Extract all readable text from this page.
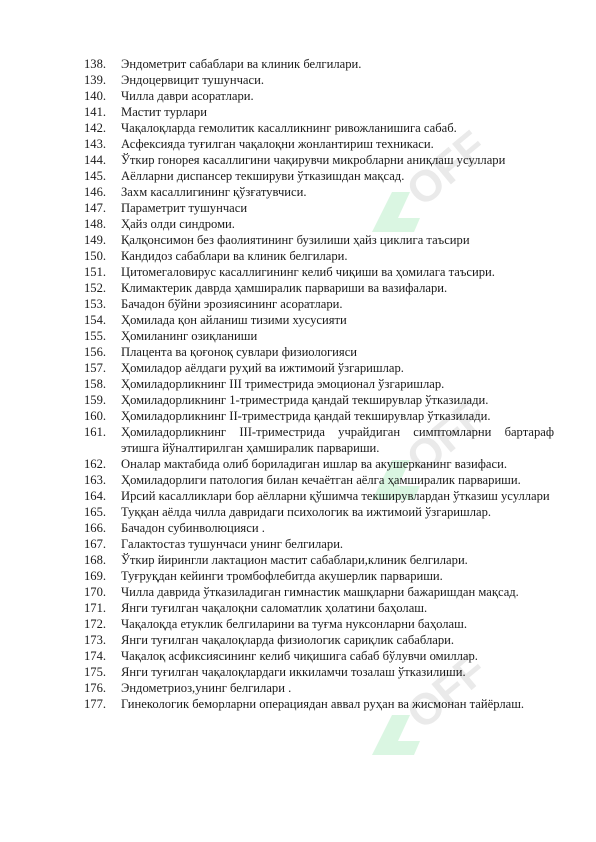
OFF
OFF
OFF
138.	Эндометрит сабаблари ва клиник белгилари.
139.	Эндоцервицит тушунчаси.
140.	Чилла даври асоратлари.
141.	Мастит турлари
142.	Чақалоқларда гемолитик касалликнинг ривожланишига сабаб.
143.	Асфексияда туғилган чақалоқни жонлантириш техникаси.
144.	Ўткир гонорея касаллигини чақирувчи микробларни аниқлаш усуллари
145.	Аёлларни диспансер текшируви ўтказишдан мақсад.
146.	Захм касаллигининг қўзғатувчиси.
147.	Параметрит тушунчаси
148.	Ҳайз олди синдроми.
149.	Қалқонсимон без фаолиятининг бузилиши ҳайз циклига таъсири
150.	Кандидоз сабаблари ва клиник белгилари.
151.	Цитомегаловирус касаллигининг келиб чиқиши ва ҳомилага таъсири.
152.	Климактерик даврда ҳамширалик парвариши ва вазифалари.
153.	Бачадон бўйни эрозиясининг асоратлари.
154.	Ҳомилада қон айланиш тизими хусусияти
155.	Ҳомиланинг озиқланиши
156.	Плацента ва қоғоноқ сувлари физиологияси
157.	Ҳомиладор аёлдаги руҳий ва ижтимоий ўзгаришлар.
158.	Ҳомиладорликнинг III триместрида эмоционал ўзгаришлар.
159.	Ҳомиладорликнинг 1-триместрида қандай текширувлар ўтказилади.
160.	Ҳомиладорликнинг II-триместрида қандай текширувлар ўтказилади.
161.	Ҳомиладорликнинг III-триместрида учрайдиган симптомларни бартараф этишга йўналтирилган ҳамширалик парвариши.
162.	Оналар мактабида олиб бориладиган ишлар ва акушерканинг вазифаси.
163.	Ҳомиладорлиги патология билан кечаётган аёлга ҳамширалик парвариши.
164.	Ирсий касалликлари бор аёлларни қўшимча текширувлардан ўтказиш усуллари
165.	Туққан аёлда чилла давридаги психологик ва ижтимоий ўзгаришлар.
166.	Бачадон субинволюцияси .
167.	Галактостаз тушунчаси унинг белгилари.
168.	Ўткир йирингли лактацион мастит сабаблари,клиник белгилари.
169.	Туғруқдан кейинги тромбофлебитда акушерлик парвариши.
170.	Чилла даврида ўтказиладиган гимнастик машқларни бажаришдан мақсад.
171.	Янги туғилган чақалоқни саломатлик ҳолатини баҳолаш.
172.	Чақалоқда етуклик белгиларини ва туғма нуксонларни баҳолаш.
173.	Янги туғилган чақалоқларда физиологик сариқлик сабаблари.
174.	Чақалоқ асфиксиясининг келиб чиқишига сабаб бўлувчи омиллар.
175.	Янги туғилган чақалоқлардаги иккиламчи тозалаш ўтказилиши.
176.	Эндометриоз,унинг белгилари .
177.	Гинекологик беморларни операциядан аввал руҳан ва жисмонан тайёрлаш.
